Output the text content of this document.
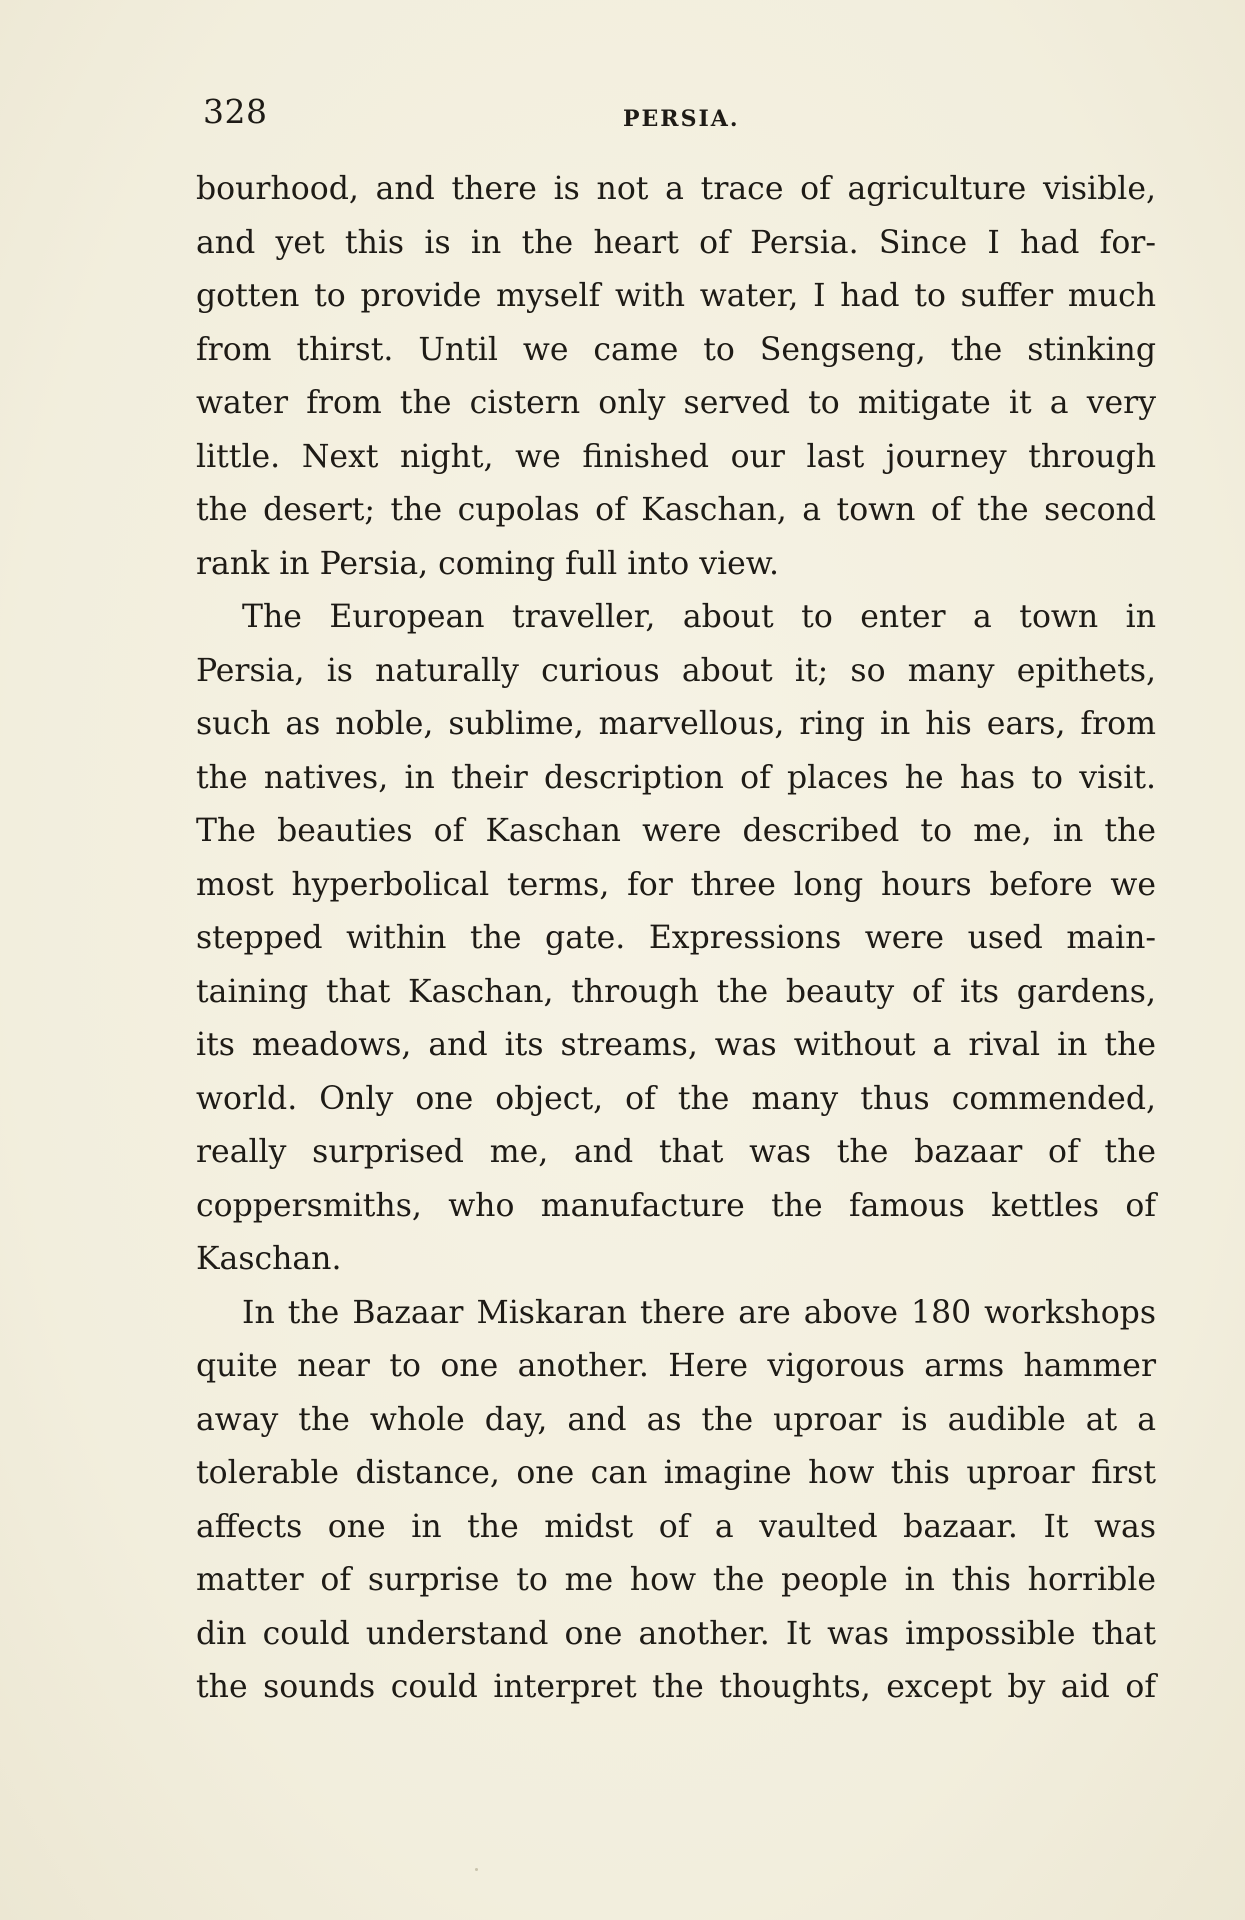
328	PERSIA.
bourhood, and there is not a trace of agriculture visible,
and yet this is in the heart of Persia. Since I had for-
gotten to provide myself with water, I had to suffer much
from thirst. Until we came to Sengseng, the stinking
water from the cistern only served to mitigate it a very
little. Next night, we finished our last journey through
the desert; the cupolas of Kaschan, a town of the second
rank in Persia, coming full into view.
The European traveller, about to enter a town in
Persia, is naturally curious about it; so many epithets,
such as noble, sublime, marvellous, ring in his ears, from
the natives, in their description of places he has to visit.
The beauties of Kaschan were described to me, in the
most hyperbolical terms, for three long hours before we
stepped within the gate. Expressions were used main-
taining that Kaschan, through the beauty of its gardens,
its meadows, and its streams, was without a rival in the
world. Only one object, of the many thus commended,
really surprised me, and that was the bazaar of the
coppersmiths, who manufacture the famous kettles of
Kaschan.
In the Bazaar Miskaran there are above 180 workshops
quite near to one another. Here vigorous arms hammer
away the whole day, and as the uproar is audible at a
tolerable distance, one can imagine how this uproar first
affects one in the midst of a vaulted bazaar. It was
matter of surprise to me how the people in this horrible
din could understand one another. It was impossible that
the sounds could interpret the thoughts, except by aid of
